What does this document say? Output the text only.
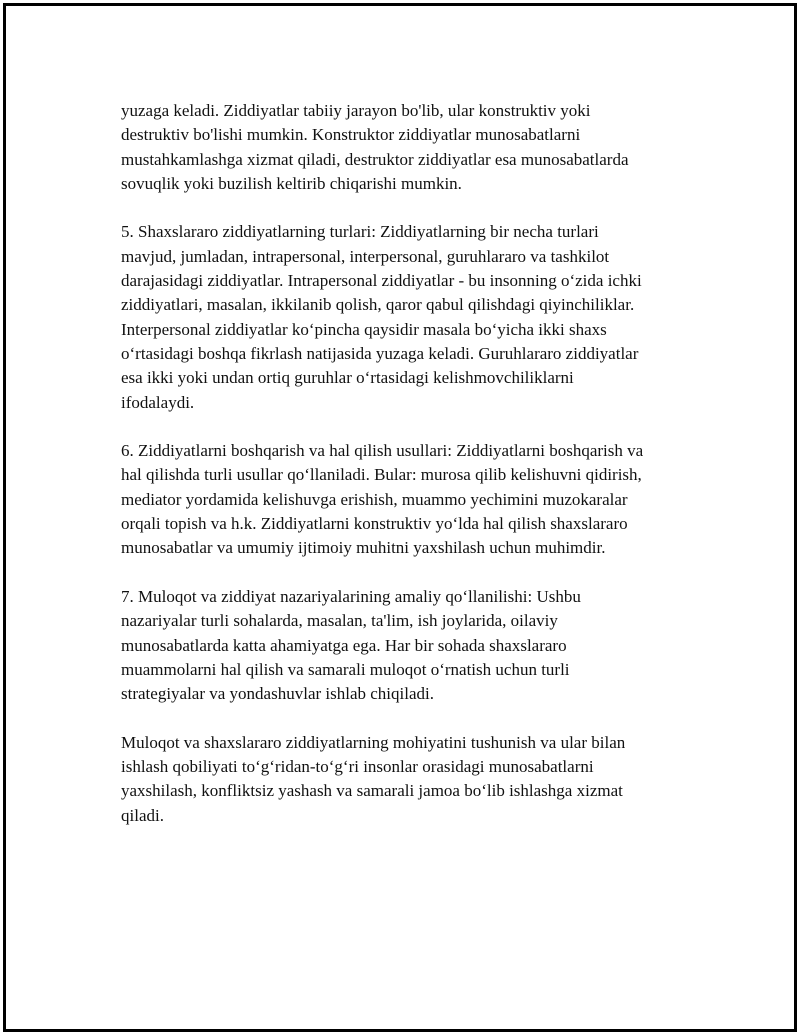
yuzaga keladi. Ziddiyatlar tabiiy jarayon bo'lib, ular konstruktiv yoki
destruktiv bo'lishi mumkin. Konstruktor ziddiyatlar munosabatlarni
mustahkamlashga xizmat qiladi, destruktor ziddiyatlar esa munosabatlarda
sovuqlik yoki buzilish keltirib chiqarishi mumkin.

5. Shaxslararo ziddiyatlarning turlari: Ziddiyatlarning bir necha turlari
mavjud, jumladan, intrapersonal, interpersonal, guruhlararo va tashkilot
darajasidagi ziddiyatlar. Intrapersonal ziddiyatlar - bu insonning o‘zida ichki
ziddiyatlari, masalan, ikkilanib qolish, qaror qabul qilishdagi qiyinchiliklar.
Interpersonal ziddiyatlar ko‘pincha qaysidir masala bo‘yicha ikki shaxs
o‘rtasidagi boshqa fikrlash natijasida yuzaga keladi. Guruhlararo ziddiyatlar
esa ikki yoki undan ortiq guruhlar o‘rtasidagi kelishmovchiliklarni
ifodalaydi.

6. Ziddiyatlarni boshqarish va hal qilish usullari: Ziddiyatlarni boshqarish va
hal qilishda turli usullar qo‘llaniladi. Bular: murosa qilib kelishuvni qidirish,
mediator yordamida kelishuvga erishish, muammo yechimini muzokaralar
orqali topish va h.k. Ziddiyatlarni konstruktiv yo‘lda hal qilish shaxslararo
munosabatlar va umumiy ijtimoiy muhitni yaxshilash uchun muhimdir.

7. Muloqot va ziddiyat nazariyalarining amaliy qo‘llanilishi: Ushbu
nazariyalar turli sohalarda, masalan, ta'lim, ish joylarida, oilaviy
munosabatlarda katta ahamiyatga ega. Har bir sohada shaxslararo
muammolarni hal qilish va samarali muloqot o‘rnatish uchun turli
strategiyalar va yondashuvlar ishlab chiqiladi.

Muloqot va shaxslararo ziddiyatlarning mohiyatini tushunish va ular bilan
ishlash qobiliyati to‘g‘ridan-to‘g‘ri insonlar orasidagi munosabatlarni
yaxshilash, konfliktsiz yashash va samarali jamoa bo‘lib ishlashga xizmat
qiladi.
